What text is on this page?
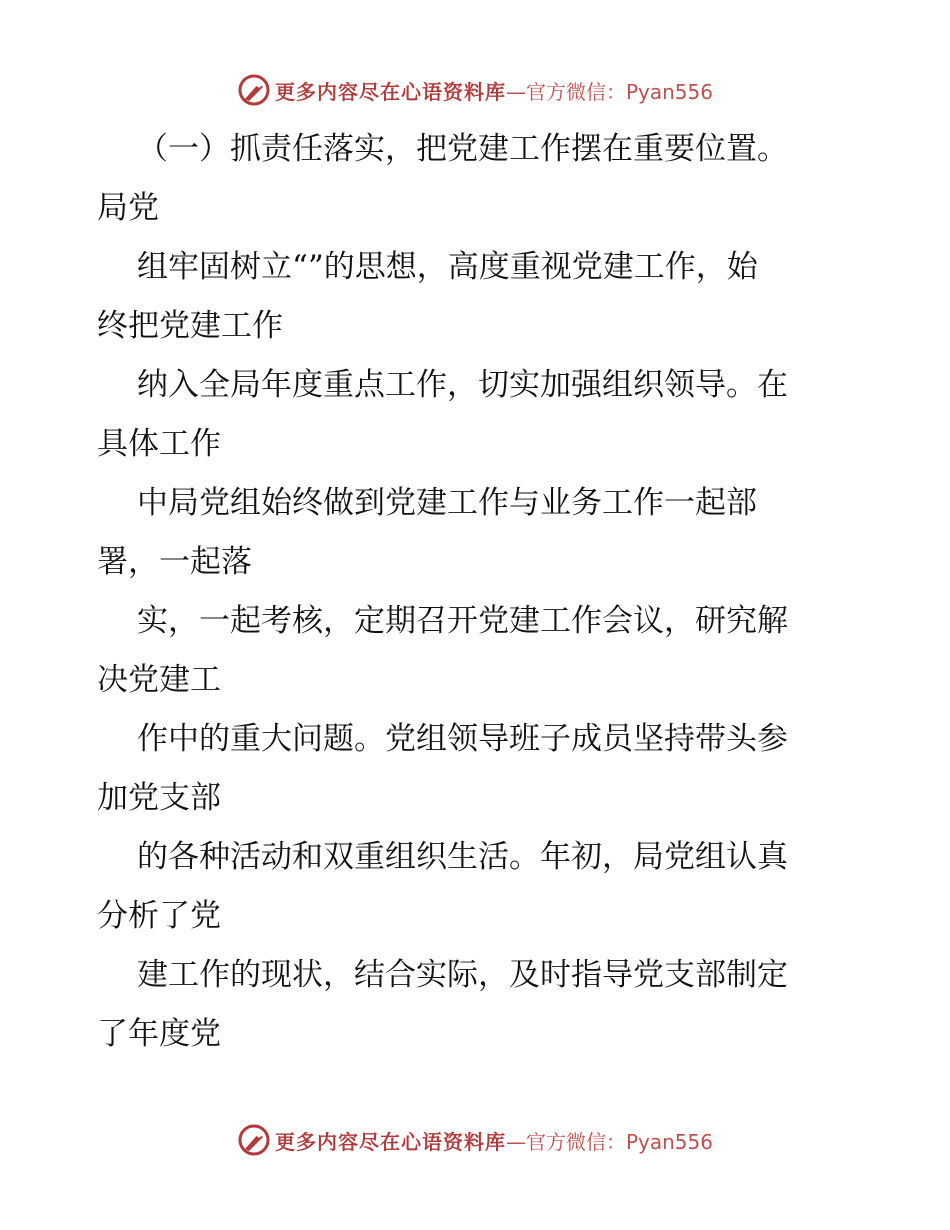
更多内容尽在心语资料库 —官方微信：Pyan556
（一）抓责任落实，把党建工作摆在重要位置。
局党
组牢固树立“”的思想，高度重视党建工作，始
终把党建工作
纳入全局年度重点工作，切实加强组织领导。在
具体工作
中局党组始终做到党建工作与业务工作一起部
署，一起落
实，一起考核，定期召开党建工作会议，研究解
决党建工
作中的重大问题。党组领导班子成员坚持带头参
加党支部
的各种活动和双重组织生活。年初，局党组认真
分析了党
建工作的现状，结合实际，及时指导党支部制定
了年度党
更多内容尽在心语资料库 —官方微信：Pyan556
